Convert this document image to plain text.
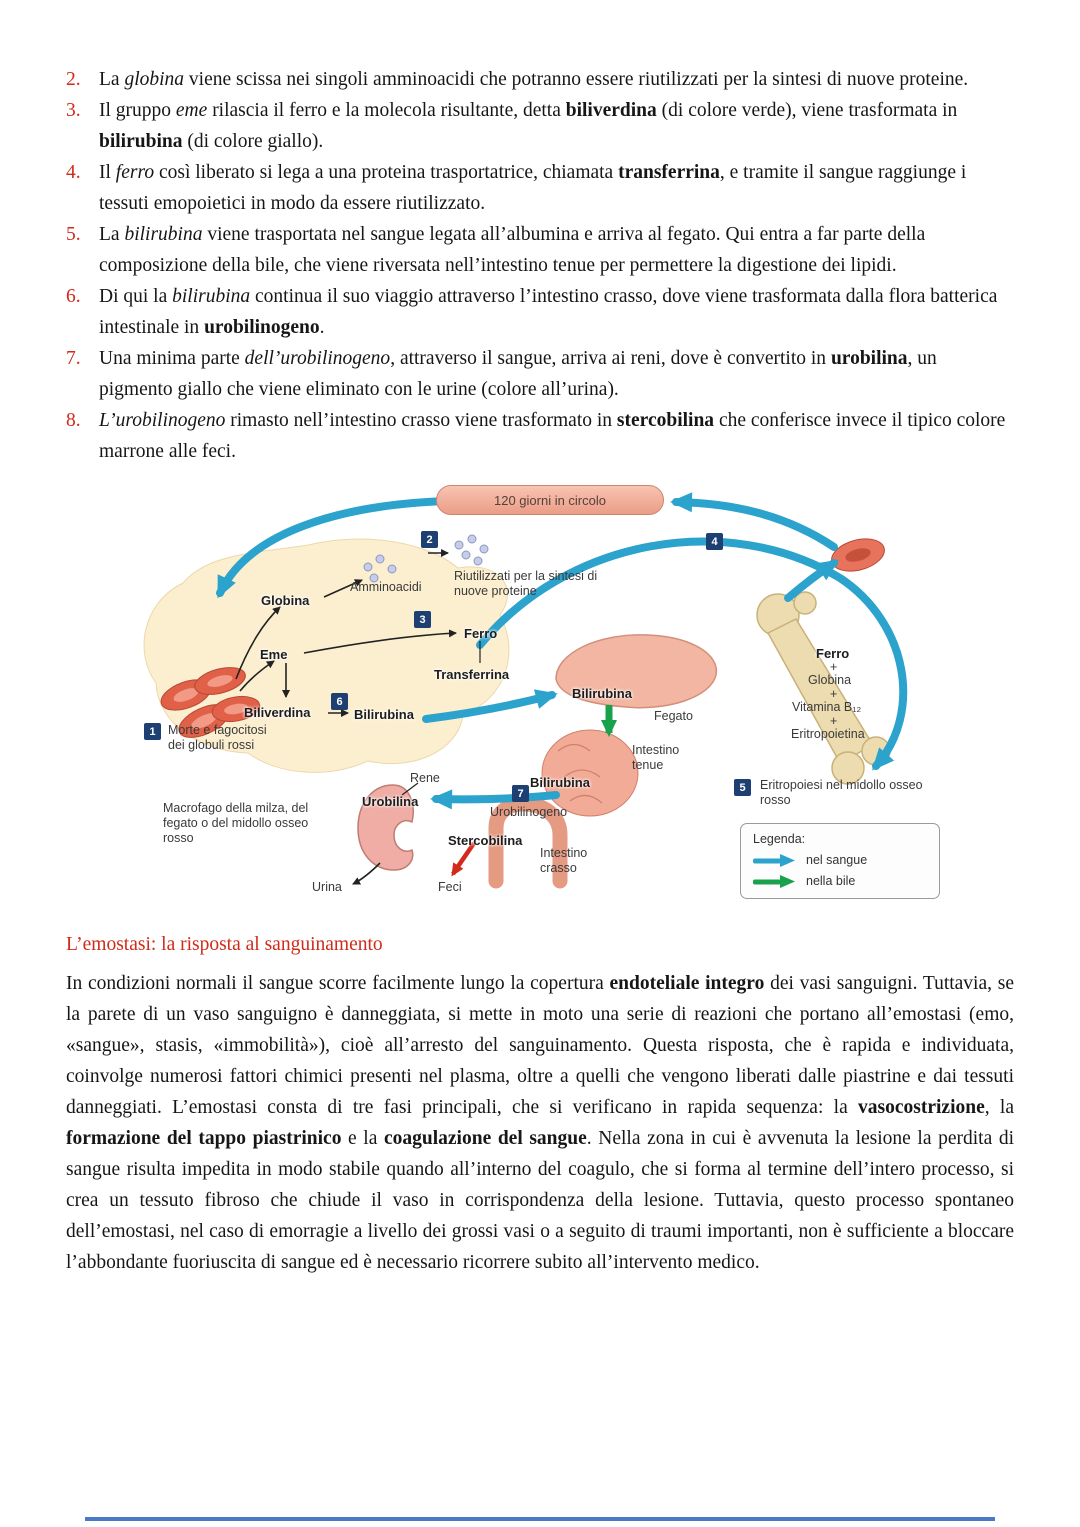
2. La globina viene scissa nei singoli amminoacidi che potranno essere riutilizzati per la sintesi di nuove proteine.
3. Il gruppo eme rilascia il ferro e la molecola risultante, detta biliverdina (di colore verde), viene trasformata in bilirubina (di colore giallo).
4. Il ferro così liberato si lega a una proteina trasportatrice, chiamata transferrina, e tramite il sangue raggiunge i tessuti emopoietici in modo da essere riutilizzato.
5. La bilirubina viene trasportata nel sangue legata all’albumina e arriva al fegato. Qui entra a far parte della composizione della bile, che viene riversata nell’intestino tenue per permettere la digestione dei lipidi.
6. Di qui la bilirubina continua il suo viaggio attraverso l’intestino crasso, dove viene trasformata dalla flora batterica intestinale in urobilinogeno.
7. Una minima parte dell’urobilinogeno, attraverso il sangue, arriva ai reni, dove è convertito in urobilina, un pigmento giallo che viene eliminato con le urine (colore all’urina).
8. L’urobilinogeno rimasto nell’intestino crasso viene trasformato in stercobilina che conferisce invece il tipico colore marrone alle feci.
120 giorni in circolo
1
2
3
4
5
6
7
Globina
Amminoacidi
Riutilizzati per la sintesi di nuove proteine
Ferro
Transferrina
Eme
Biliverdina	Bilirubina
Bilirubina
Fegato
Intestino tenue
Morte e fagocitosi dei globuli rossi
Macrofago della milza, del fegato o del midollo osseo rosso
Rene
Urobilina
Bilirubina
Urobilinogeno
Stercobilina
Intestino crasso
Urina	Feci
Ferro
+
Globina
+
Vitamina B₁₂
+
Eritropoietina
Eritropoiesi nel midollo osseo rosso
Legenda:
nel sangue
nella bile
L’emostasi: la risposta al sanguinamento

In condizioni normali il sangue scorre facilmente lungo la copertura endoteliale integro dei vasi sanguigni. Tuttavia, se la parete di un vaso sanguigno è danneggiata, si mette in moto una serie di reazioni che portano all’emostasi (emo, «sangue», stasis, «immobilità»), cioè all’arresto del sanguinamento. Questa risposta, che è rapida e individuata, coinvolge numerosi fattori chimici presenti nel plasma, oltre a quelli che vengono liberati dalle piastrine e dai tessuti danneggiati. L’emostasi consta di tre fasi principali, che si verificano in rapida sequenza: la vasocostrizione, la formazione del tappo piastrinico e la coagulazione del sangue. Nella zona in cui è avvenuta la lesione la perdita di sangue risulta impedita in modo stabile quando all’interno del coagulo, che si forma al termine dell’intero processo, si crea un tessuto fibroso che chiude il vaso in corrispondenza della lesione. Tuttavia, questo processo spontaneo dell’emostasi, nel caso di emorragie a livello dei grossi vasi o a seguito di traumi importanti, non è sufficiente a bloccare l’abbondante fuoriuscita di sangue ed è necessario ricorrere subito all’intervento medico.
